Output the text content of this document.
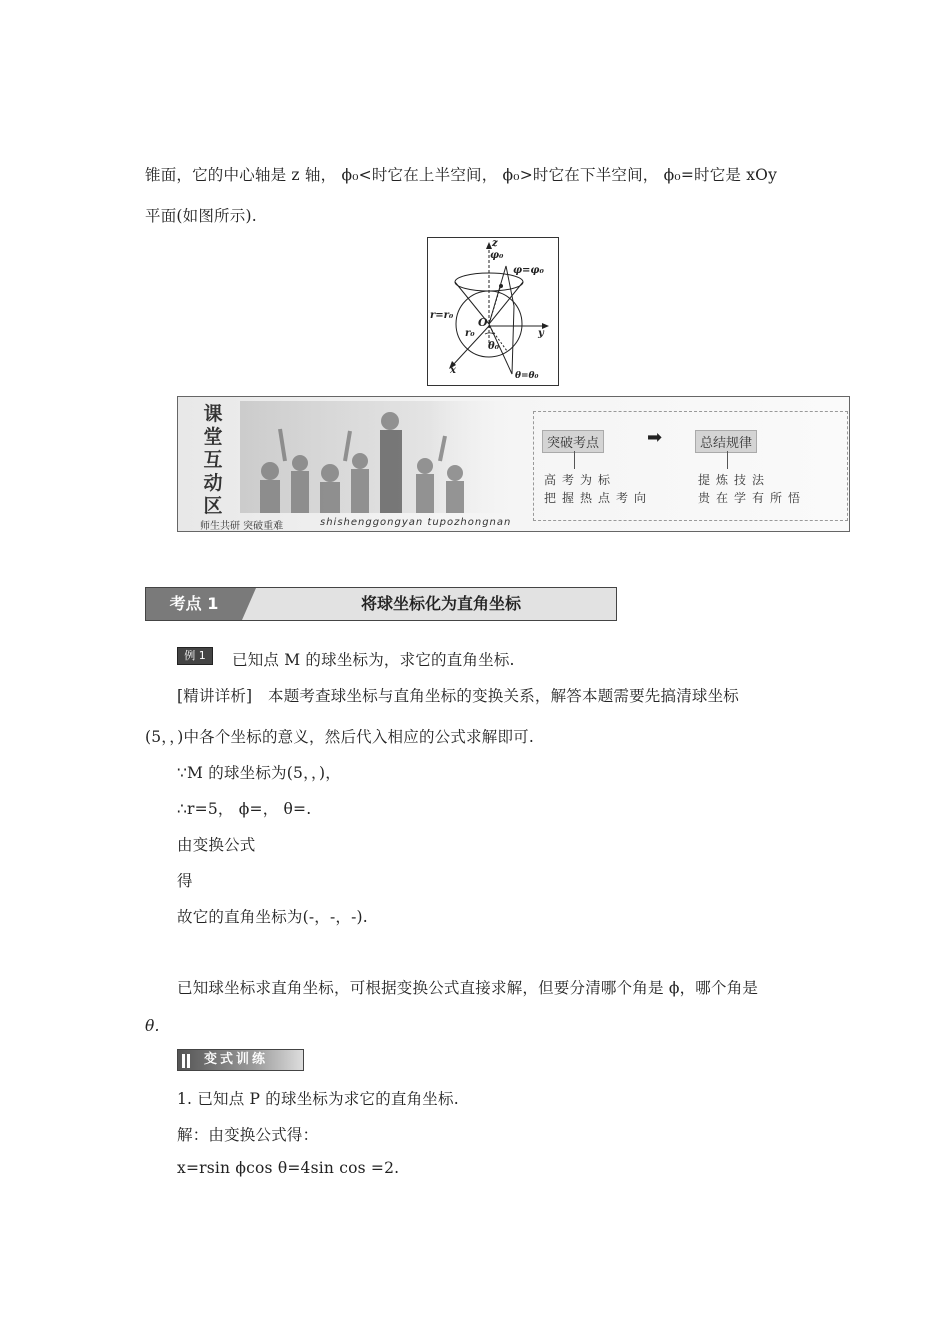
锥面，它的中心轴是 z 轴， ϕ₀<时它在上半空间， ϕ₀>时它在下半空间， ϕ₀=时它是 xOy
平面(如图所示).
z
φ₀
φ=φ₀
r=r₀
O
r₀
θ₀
y
x	θ=θ₀
课堂互动区
突破考点	➡	总结规律
高考为标
把握热点考向
提炼技法
贵在学有所悟
师生共研 突破重难	shishenggongyan tupozhongnan
考点 1	将球坐标化为直角坐标
例 1	已知点 M 的球坐标为，求它的直角坐标.
[精讲详析]　本题考查球坐标与直角坐标的变换关系，解答本题需要先搞清球坐标
(5，，)中各个坐标的意义，然后代入相应的公式求解即可.
∵M 的球坐标为(5，，)，
∴r=5， ϕ=， θ=.
由变换公式
得
故它的直角坐标为(-，-，-).
已知球坐标求直角坐标，可根据变换公式直接求解，但要分清哪个角是 ϕ，哪个角是
θ.
变式训练
1. 已知点 P 的球坐标为求它的直角坐标.
解：由变换公式得：
x=rsin ϕcos θ=4sin cos =2.
